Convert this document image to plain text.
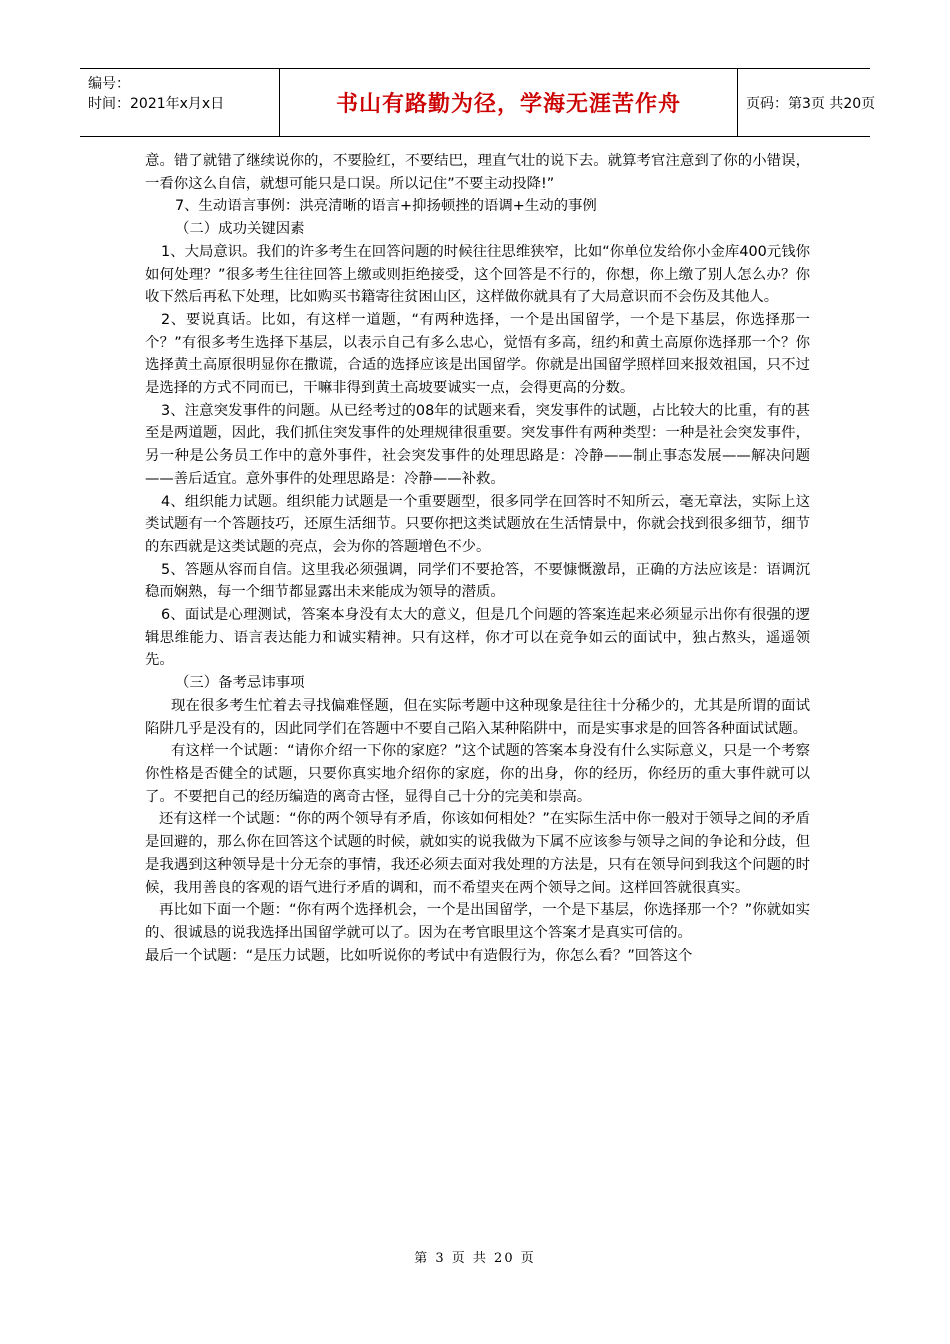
编号：
时间：2021年x月x日	书山有路勤为径，学海无涯苦作舟	页码：第3页 共20页

意。错了就错了继续说你的，不要脸红，不要结巴，理直气壮的说下去。就算考官注意到了你的小错误，一看你这么自信，就想可能只是口误。所以记住”不要主动投降!”

7、生动语言事例：洪亮清晰的语言+抑扬顿挫的语调+生动的事例

（二）成功关键因素

1、大局意识。我们的许多考生在回答问题的时候往往思维狭窄，比如“你单位发给你小金库400元钱你如何处理？”很多考生往往回答上缴或则拒绝接受，这个回答是不行的，你想，你上缴了别人怎么办？你收下然后再私下处理，比如购买书籍寄往贫困山区，这样做你就具有了大局意识而不会伤及其他人。

2、要说真话。比如，有这样一道题，“有两种选择，一个是出国留学，一个是下基层，你选择那一个？”有很多考生选择下基层，以表示自己有多么忠心，觉悟有多高，纽约和黄土高原你选择那一个？你选择黄土高原很明显你在撒谎，合适的选择应该是出国留学。你就是出国留学照样回来报效祖国，只不过是选择的方式不同而已，干嘛非得到黄土高坡要诚实一点，会得更高的分数。

3、注意突发事件的问题。从已经考过的08年的试题来看，突发事件的试题，占比较大的比重，有的甚至是两道题，因此，我们抓住突发事件的处理规律很重要。突发事件有两种类型：一种是社会突发事件，另一种是公务员工作中的意外事件，社会突发事件的处理思路是：冷静——制止事态发展——解决问题——善后适宜。意外事件的处理思路是：冷静——补救。

4、组织能力试题。组织能力试题是一个重要题型，很多同学在回答时不知所云，毫无章法，实际上这类试题有一个答题技巧，还原生活细节。只要你把这类试题放在生活情景中，你就会找到很多细节，细节的东西就是这类试题的亮点，会为你的答题增色不少。

5、答题从容而自信。这里我必须强调，同学们不要抢答，不要慷慨激昂，正确的方法应该是：语调沉稳而娴熟，每一个细节都显露出未来能成为领导的潜质。

6、面试是心理测试，答案本身没有太大的意义，但是几个问题的答案连起来必须显示出你有很强的逻辑思维能力、语言表达能力和诚实精神。只有这样，你才可以在竞争如云的面试中，独占熬头，遥遥领先。

（三）备考忌讳事项

现在很多考生忙着去寻找偏难怪题，但在实际考题中这种现象是往往十分稀少的，尤其是所谓的面试陷阱几乎是没有的，因此同学们在答题中不要自己陷入某种陷阱中，而是实事求是的回答各种面试试题。

有这样一个试题：“请你介绍一下你的家庭？”这个试题的答案本身没有什么实际意义，只是一个考察你性格是否健全的试题，只要你真实地介绍你的家庭，你的出身，你的经历，你经历的重大事件就可以了。不要把自己的经历编造的离奇古怪，显得自己十分的完美和崇高。

还有这样一个试题：“你的两个领导有矛盾，你该如何相处？”在实际生活中你一般对于领导之间的矛盾是回避的，那么你在回答这个试题的时候，就如实的说我做为下属不应该参与领导之间的争论和分歧，但是我遇到这种领导是十分无奈的事情，我还必须去面对我处理的方法是，只有在领导问到我这个问题的时候，我用善良的客观的语气进行矛盾的调和，而不希望夹在两个领导之间。这样回答就很真实。

再比如下面一个题：“你有两个选择机会，一个是出国留学，一个是下基层，你选择那一个？”你就如实的、很诚恳的说我选择出国留学就可以了。因为在考官眼里这个答案才是真实可信的。

最后一个试题：“是压力试题，比如听说你的考试中有造假行为，你怎么看？”回答这个

第 3 页 共 20 页
